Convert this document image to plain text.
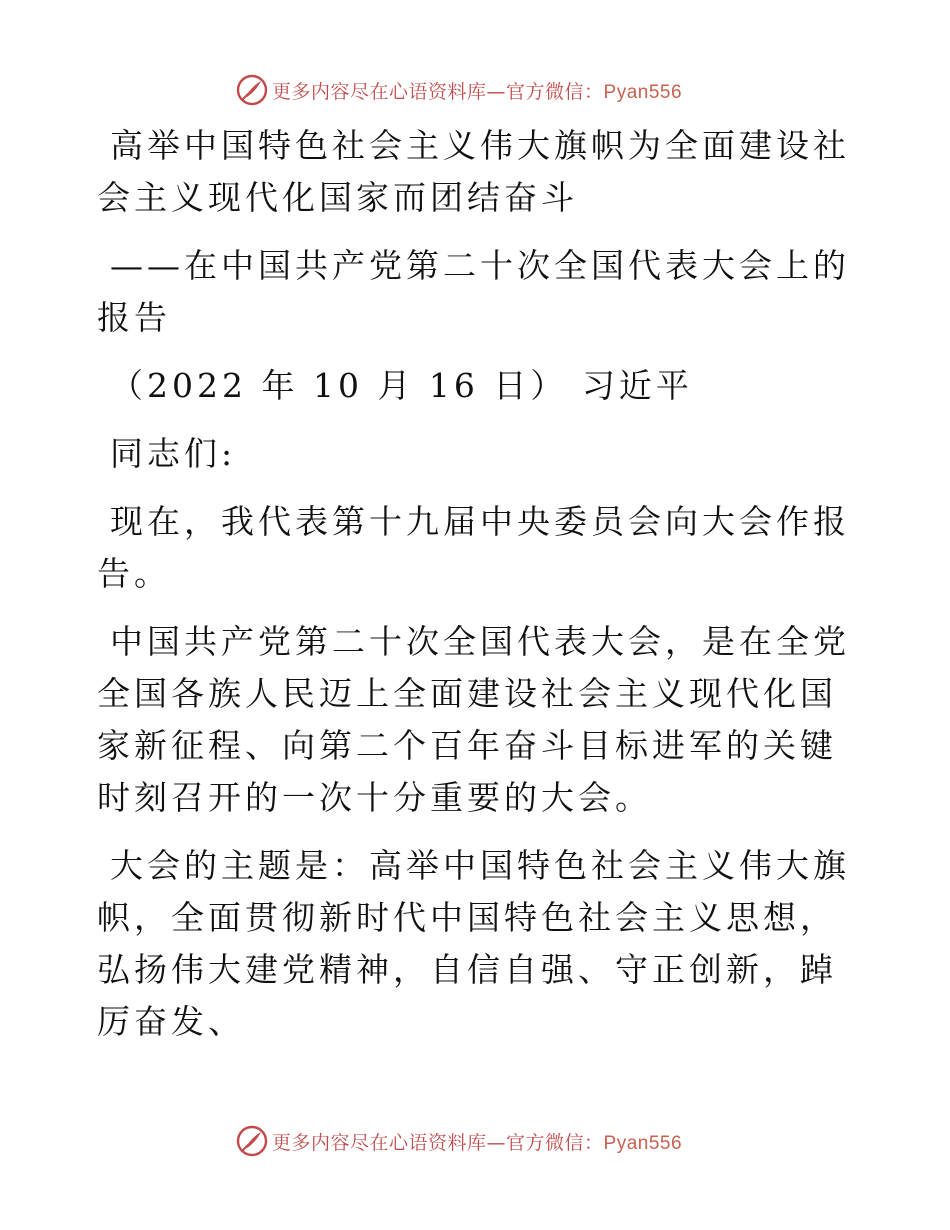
更多内容尽在心语资料库—官方微信：Pyan556

高举中国特色社会主义伟大旗帜为全面建设社会主义现代化国家而团结奋斗

——在中国共产党第二十次全国代表大会上的报告

（2022 年 10 月 16 日） 习近平

同志们:

现在，我代表第十九届中央委员会向大会作报告。

中国共产党第二十次全国代表大会，是在全党全国各族人民迈上全面建设社会主义现代化国家新征程、向第二个百年奋斗目标进军的关键时刻召开的一次十分重要的大会。

大会的主题是：高举中国特色社会主义伟大旗帜，全面贯彻新时代中国特色社会主义思想，弘扬伟大建党精神，自信自强、守正创新，踔厉奋发、

更多内容尽在心语资料库—官方微信：Pyan556
